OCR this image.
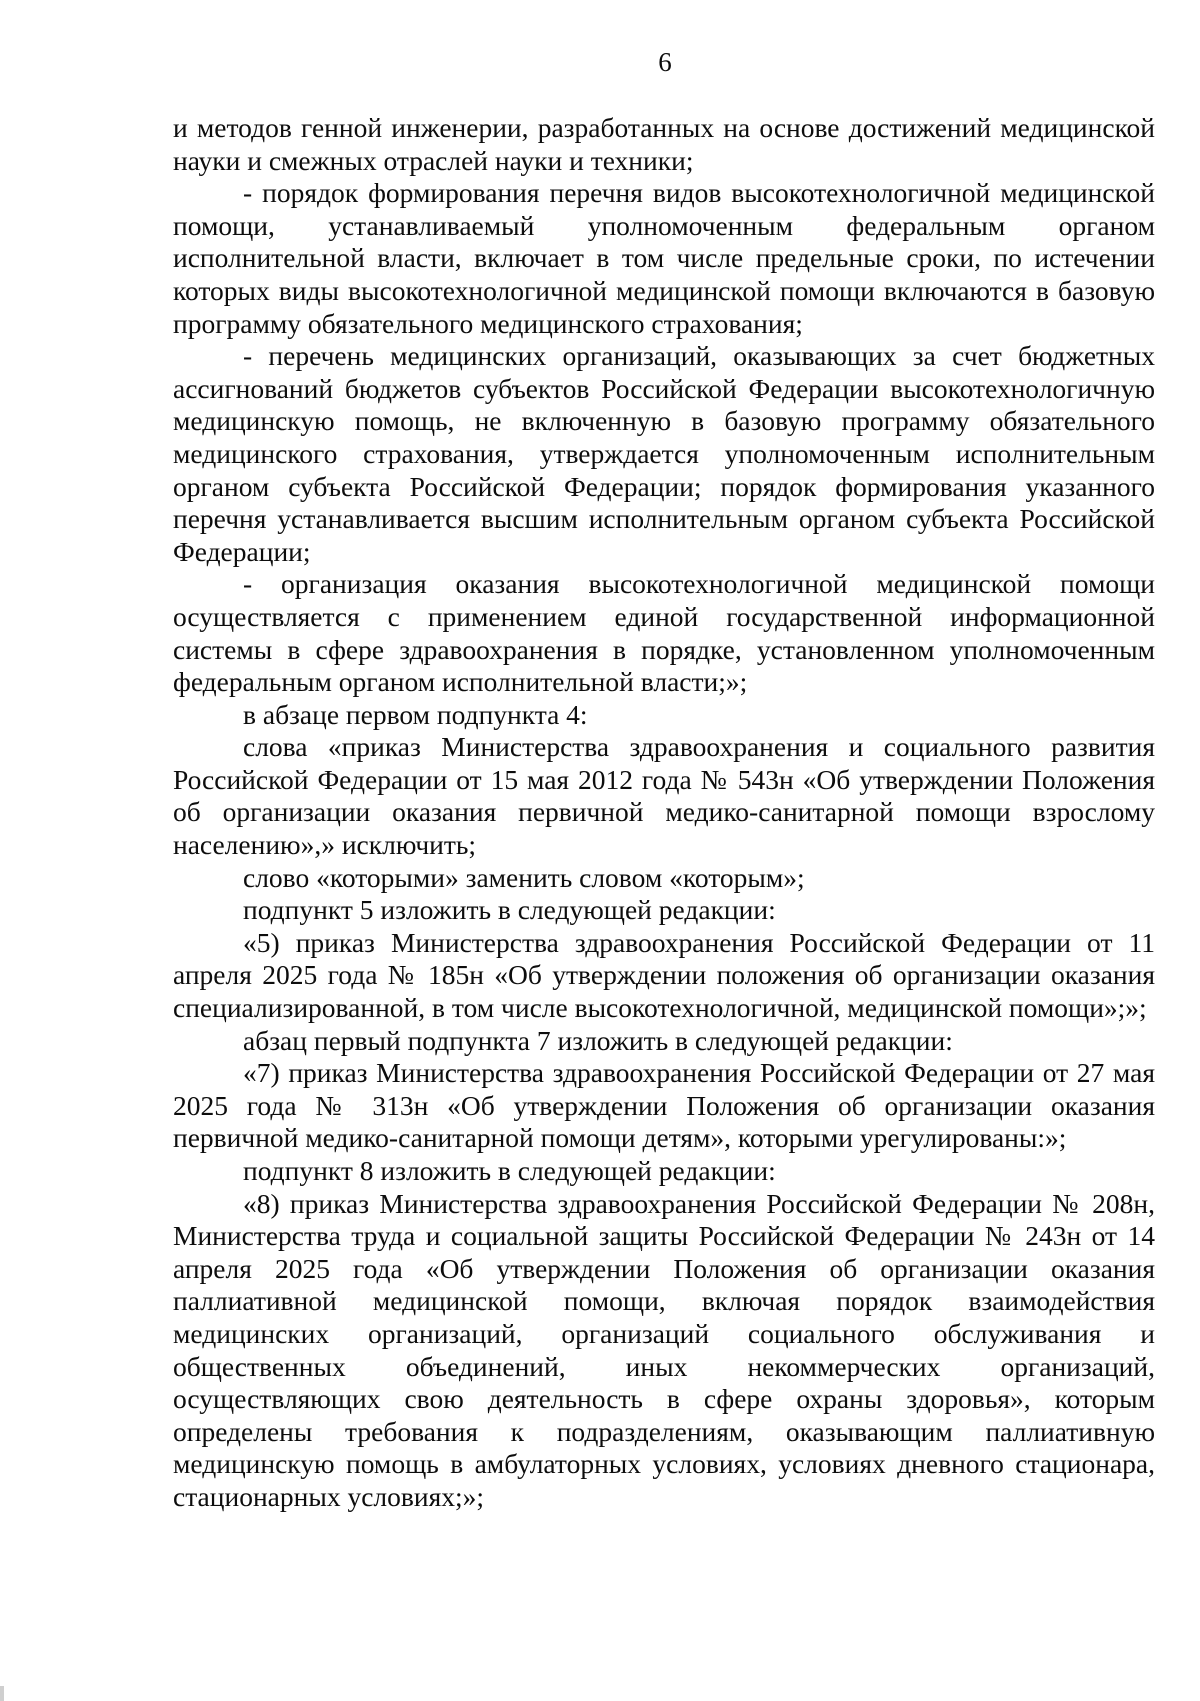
6

и методов генной инженерии, разработанных на основе достижений медицинской науки и смежных отраслей науки и техники;

- порядок формирования перечня видов высокотехнологичной медицинской помощи, устанавливаемый уполномоченным федеральным органом исполнительной власти, включает в том числе предельные сроки, по истечении которых виды высокотехнологичной медицинской помощи включаются в базовую программу обязательного медицинского страхования;

- перечень медицинских организаций, оказывающих за счет бюджетных ассигнований бюджетов субъектов Российской Федерации высокотехнологичную медицинскую помощь, не включенную в базовую программу обязательного медицинского страхования, утверждается уполномоченным исполнительным органом субъекта Российской Федерации; порядок формирования указанного перечня устанавливается высшим исполнительным органом субъекта Российской Федерации;

- организация оказания высокотехнологичной медицинской помощи осуществляется с применением единой государственной информационной системы в сфере здравоохранения в порядке, установленном уполномоченным федеральным органом исполнительной власти;»;

в абзаце первом подпункта 4:

слова «приказ Министерства здравоохранения и социального развития Российской Федерации от 15 мая 2012 года № 543н «Об утверждении Положения об организации оказания первичной медико-санитарной помощи взрослому населению»,» исключить;

слово «которыми» заменить словом «которым»;

подпункт 5 изложить в следующей редакции:

«5) приказ Министерства здравоохранения Российской Федерации от 11 апреля 2025 года № 185н «Об утверждении положения об организации оказания специализированной, в том числе высокотехнологичной, медицинской помощи»;»;

абзац первый подпункта 7 изложить в следующей редакции:

«7) приказ Министерства здравоохранения Российской Федерации от 27 мая 2025 года № 313н «Об утверждении Положения об организации оказания первичной медико-санитарной помощи детям», которыми урегулированы:»;

подпункт 8 изложить в следующей редакции:

«8) приказ Министерства здравоохранения Российской Федерации № 208н, Министерства труда и социальной защиты Российской Федерации № 243н от 14 апреля 2025 года «Об утверждении Положения об организации оказания паллиативной медицинской помощи, включая порядок взаимодействия медицинских организаций, организаций социального обслуживания и общественных объединений, иных некоммерческих организаций, осуществляющих свою деятельность в сфере охраны здоровья», которым определены требования к подразделениям, оказывающим паллиативную медицинскую помощь в амбулаторных условиях, условиях дневного стационара, стационарных условиях;»;
